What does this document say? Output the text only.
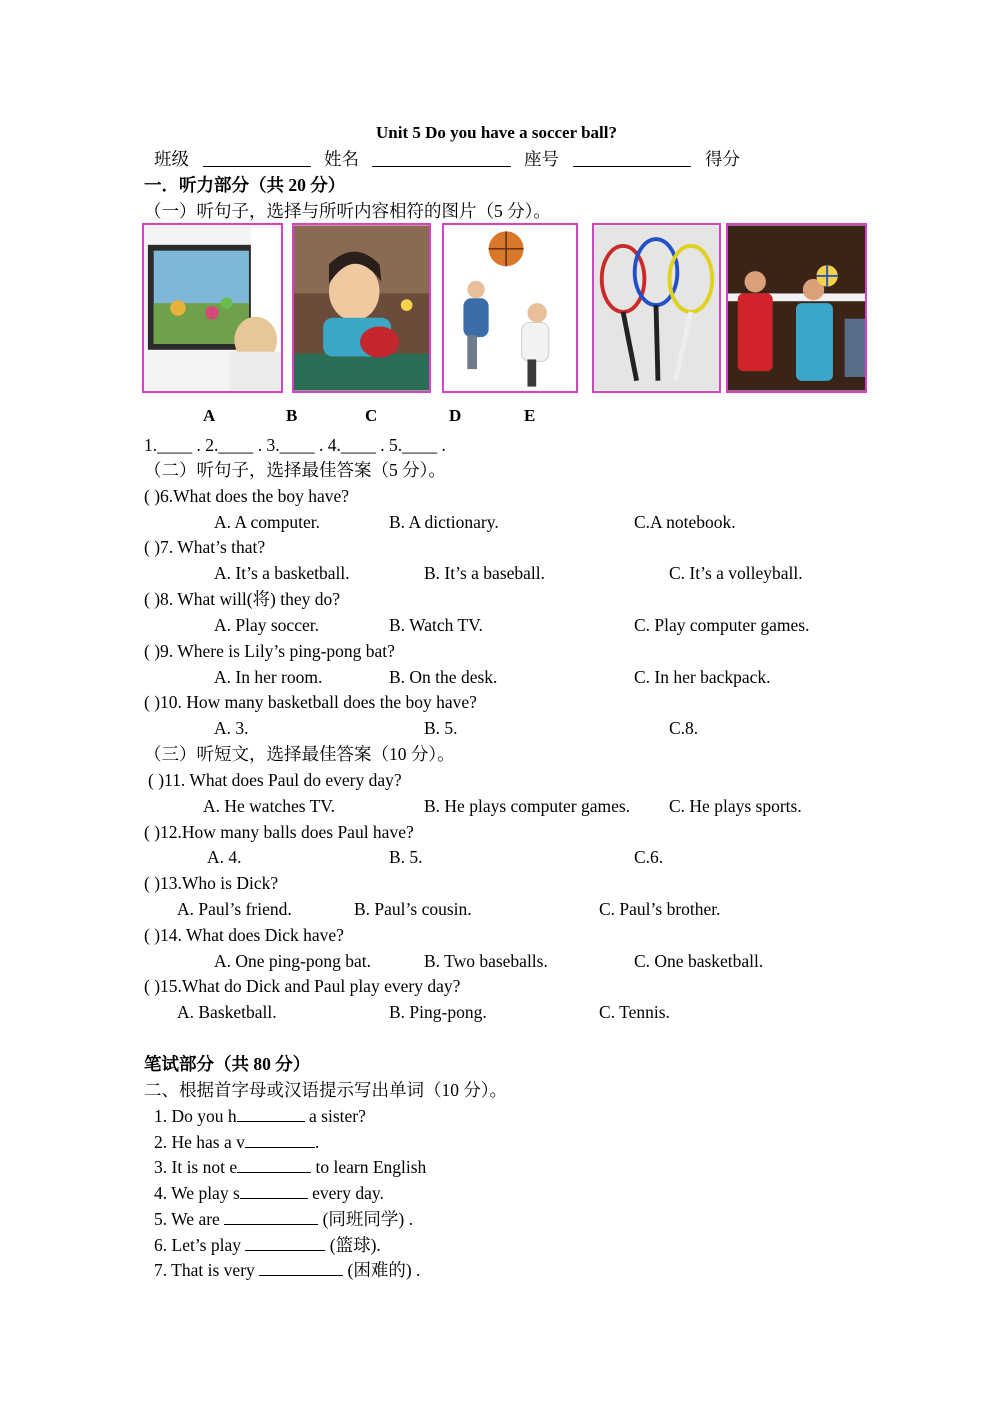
Unit 5 Do you have a soccer ball?
班级	姓名	座号	得分
一．听力部分（共 20 分）
（一）听句子，选择与所听内容相符的图片（5 分）。
A	B	C	D	E
1.____ . 2.____ . 3.____ . 4.____ . 5.____ .
（二）听句子，选择最佳答案（5 分）。
( )6.What does the boy have?
A. A computer.	B. A dictionary.	C.A notebook.
( )7. What’s that?
A. It’s a basketball.	B. It’s a baseball.	C. It’s a volleyball.
( )8. What will(将) they do?
A. Play soccer.	B. Watch TV.	C. Play computer games.
( )9. Where is Lily’s ping-pong bat?
A. In her room.	B. On the desk.	C. In her backpack.
( )10. How many basketball does the boy have?
A. 3.	B. 5.	C.8.
（三）听短文，选择最佳答案（10 分）。
( )11. What does Paul do every day?
A. He watches TV.	B. He plays computer games. C. He plays sports.
( )12.How many balls does Paul have?
A. 4.	B. 5.	C.6.
( )13.Who is Dick?
A. Paul’s friend.	B. Paul’s cousin.	C. Paul’s brother.
( )14. What does Dick have?
A. One ping-pong bat.	B. Two baseballs.	C. One basketball.
( )15.What do Dick and Paul play every day?
A. Basketball.	B. Ping-pong.	C. Tennis.
笔试部分（共 80 分）
二、根据首字母或汉语提示写出单词（10 分）。
1. Do you h	a sister?
2. He has a v	.
3. It is not e	to learn English
4. We play s	every day.
5. We are	(同班同学) .
6. Let’s play	(篮球).
7. That is very	(困难的) .
